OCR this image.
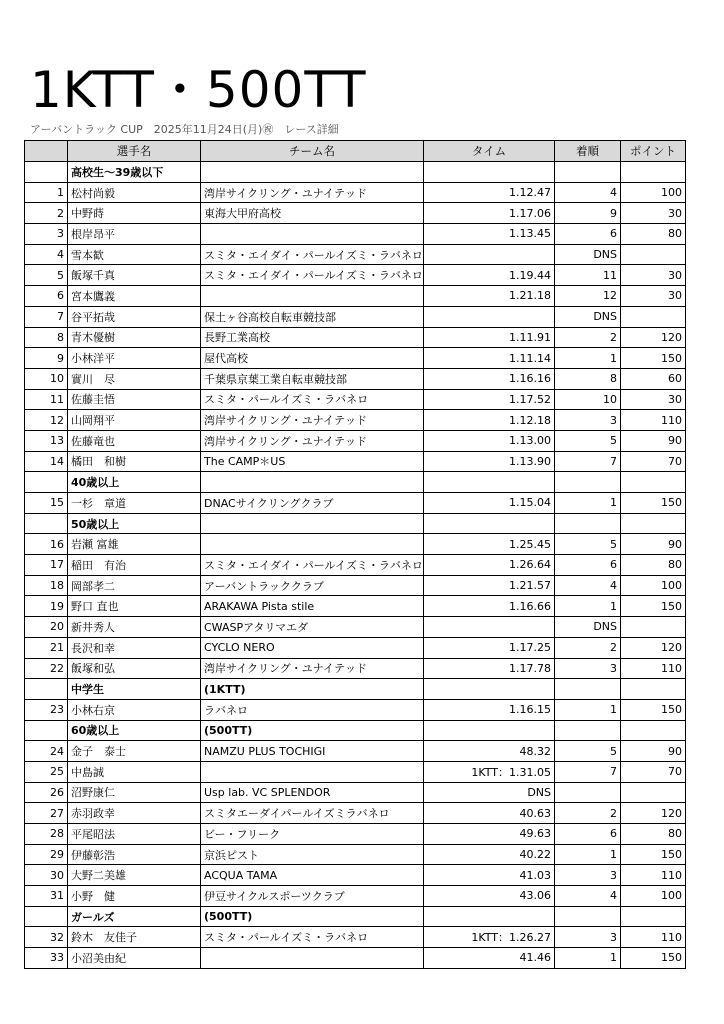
1KTT・500TT
アーバントラック CUP　2025年11月24日(月)㊗　レース詳細
	選手名	チーム名	タイム	着順	ポイント
	高校生～39歳以下				
1	松村尚毅	湾岸サイクリング・ユナイテッド	1.12.47	4	100
2	中野蒔	東海大甲府高校	1.17.06	9	30
3	根岸昂平		1.13.45	6	80
4	雪本歓	スミタ・エイダイ・パールイズミ・ラバネロ		DNS	
5	飯塚千真	スミタ・エイダイ・パールイズミ・ラバネロ	1.19.44	11	30
6	宮本鷹義		1.21.18	12	30
7	谷平拓哉	保土ヶ谷高校自転車競技部		DNS	
8	青木優樹	長野工業高校	1.11.91	2	120
9	小林洋平	屋代高校	1.11.14	1	150
10	實川　尽	千葉県京葉工業自転車競技部	1.16.16	8	60
11	佐藤圭悟	スミタ・パールイズミ・ラバネロ	1.17.52	10	30
12	山岡翔平	湾岸サイクリング・ユナイテッド	1.12.18	3	110
13	佐藤竜也	湾岸サイクリング・ユナイテッド	1.13.00	5	90
14	橘田　和樹	The CAMP＊US	1.13.90	7	70
	40歳以上				
15	一杉　章道	DNACサイクリングクラブ	1.15.04	1	150
	50歳以上				
16	岩瀬 富雄		1.25.45	5	90
17	稲田　有治	スミタ・エイダイ・パールイズミ・ラバネロ	1.26.64	6	80
18	岡部孝二	アーバントラッククラブ	1.21.57	4	100
19	野口 直也	ARAKAWA Pista stile	1.16.66	1	150
20	新井秀人	CWASPアタリマエダ		DNS	
21	長沢和幸	CYCLO NERO	1.17.25	2	120
22	飯塚和弘	湾岸サイクリング・ユナイテッド	1.17.78	3	110
	中学生	(1KTT)			
23	小林右京	ラバネロ	1.16.15	1	150
	60歳以上	(500TT)			
24	金子　泰士	NAMZU PLUS TOCHIGI	48.32	5	90
25	中島誠		1KTT：1.31.05	7	70
26	沼野康仁	Usp lab. VC SPLENDOR	DNS		
27	赤羽政幸	スミタエーダイパールイズミラバネロ	40.63	2	120
28	平尾昭法	ビー・フリーク	49.63	6	80
29	伊藤彰浩	京浜ピスト	40.22	1	150
30	大野二美雄	ACQUA TAMA	41.03	3	110
31	小野　健	伊豆サイクルスポーツクラブ	43.06	4	100
	ガールズ	(500TT)			
32	鈴木　友佳子	スミタ・パールイズミ・ラバネロ	1KTT：1.26.27	3	110
33	小沼美由紀		41.46	1	150
